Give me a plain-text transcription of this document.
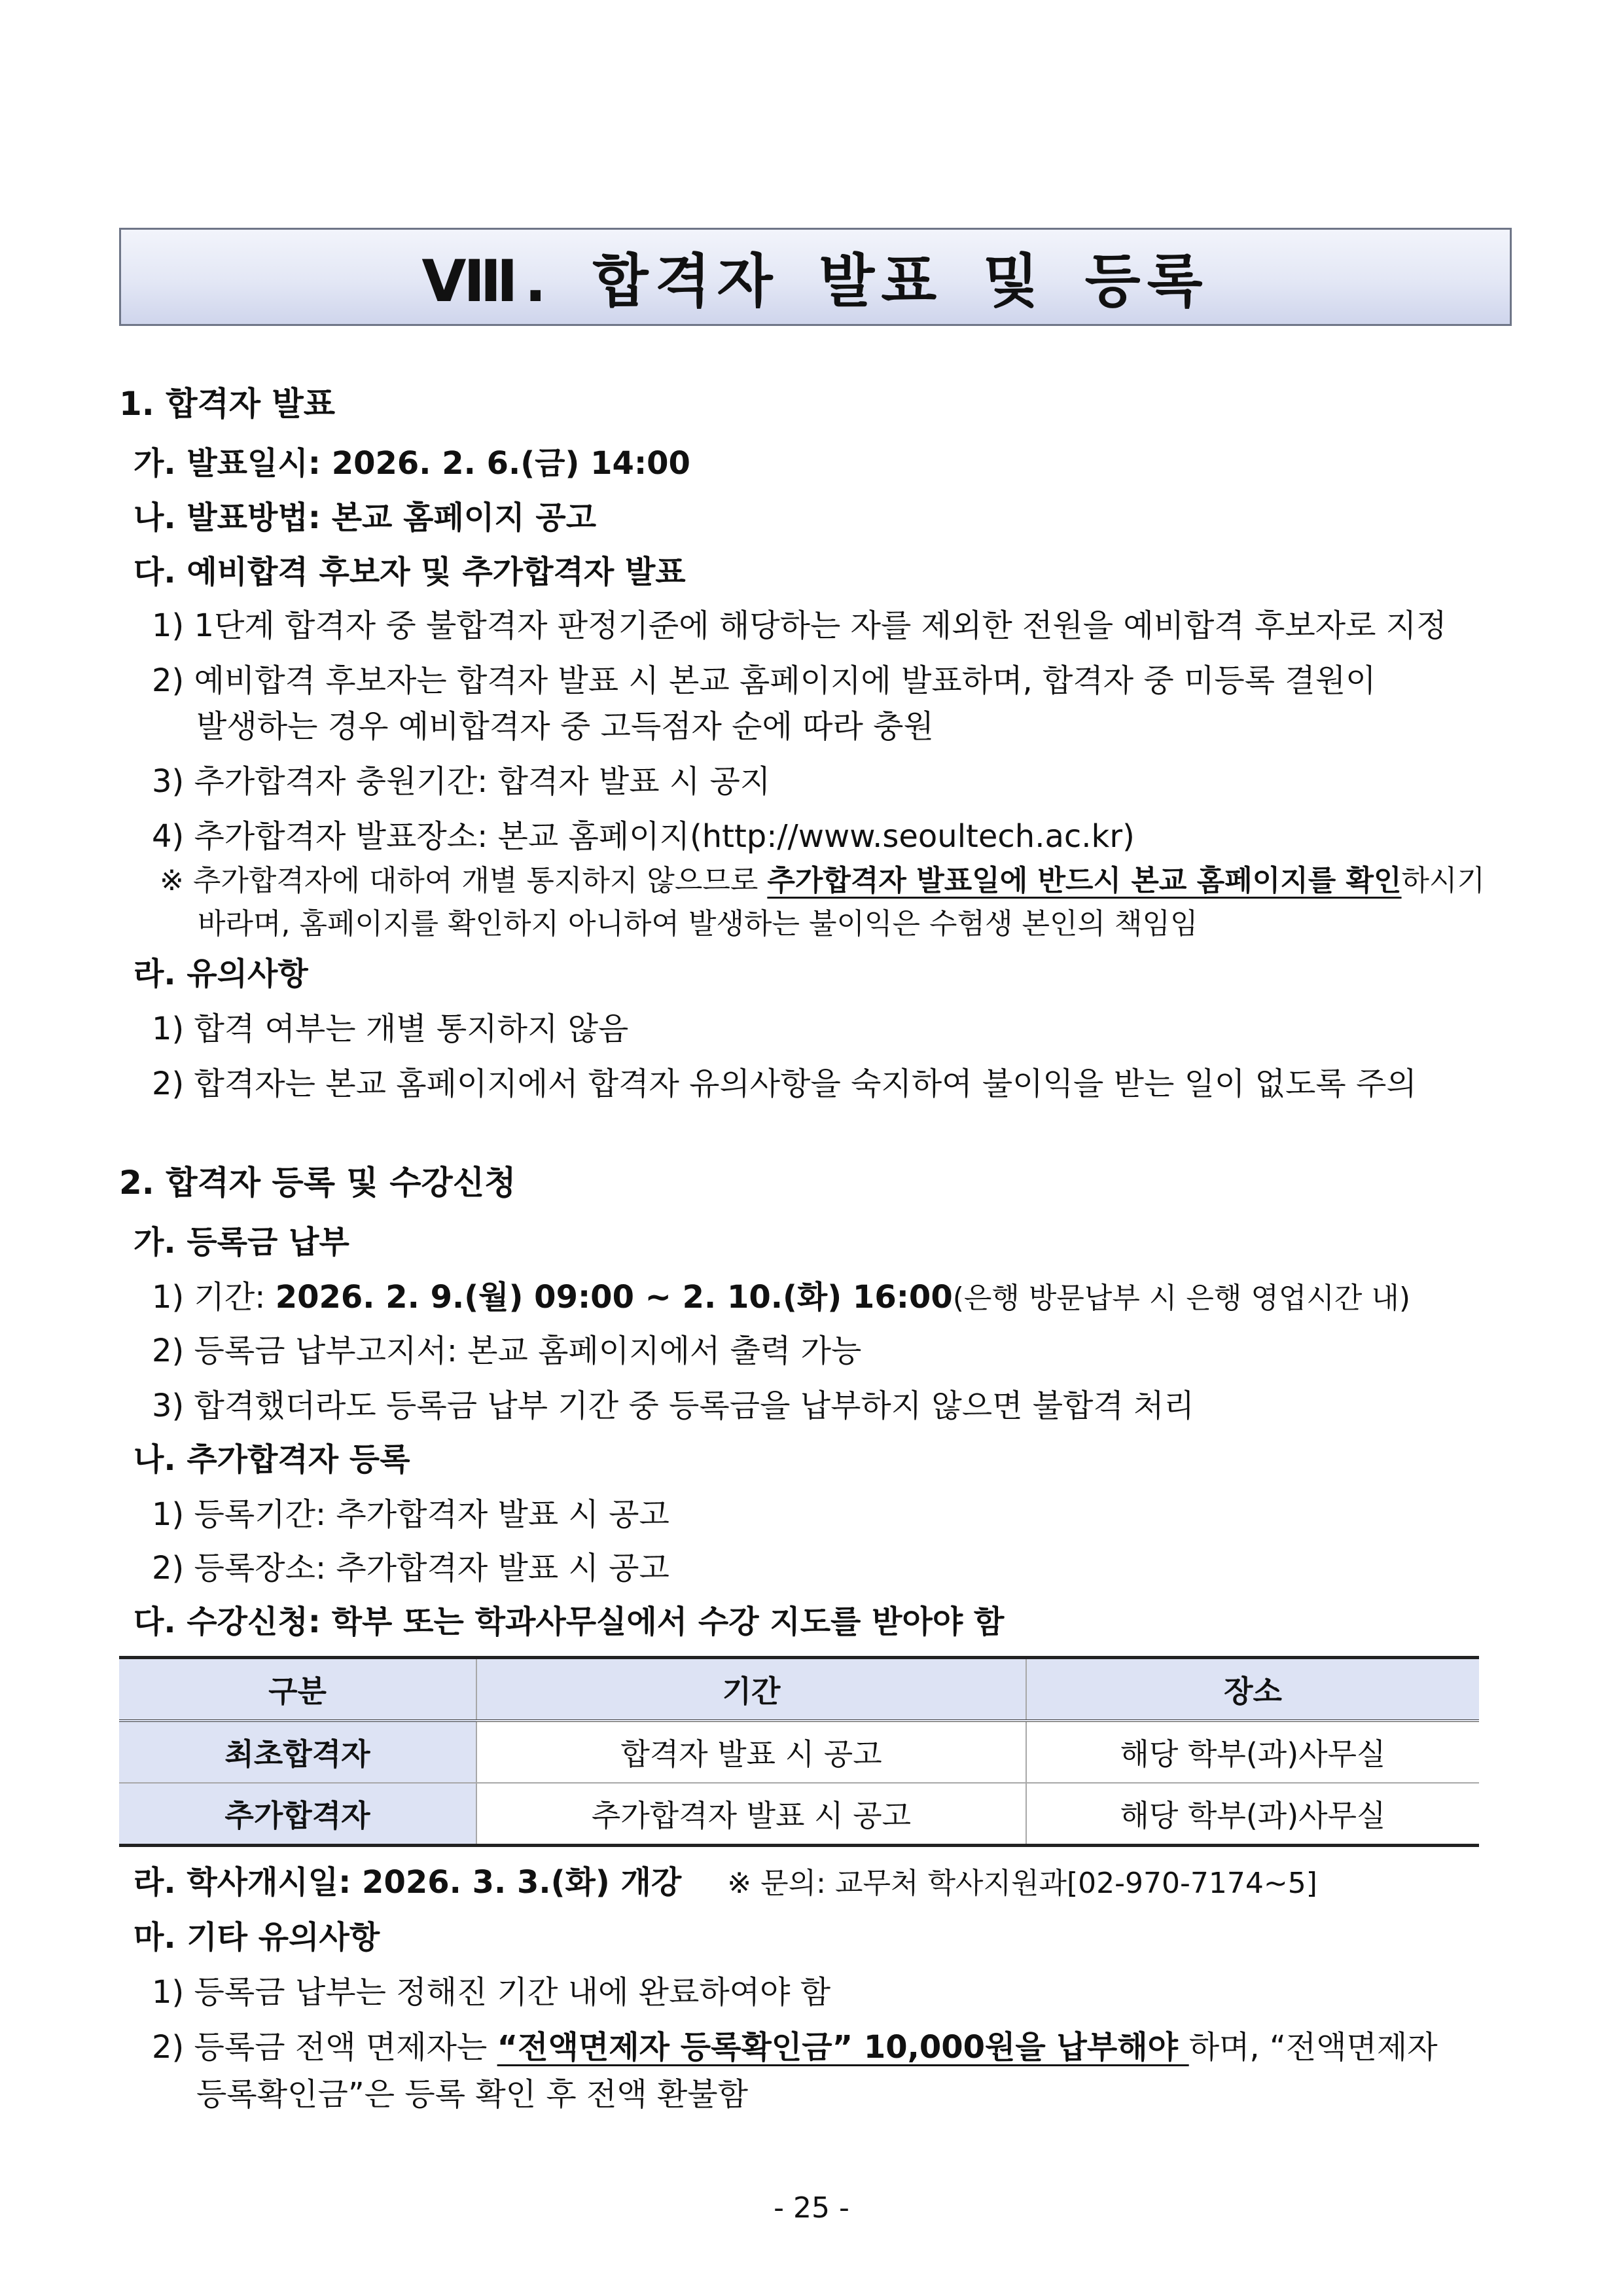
Ⅷ. 합격자 발표 및 등록
1. 합격자 발표
가. 발표일시: 2026. 2. 6.(금) 14:00
나. 발표방법: 본교 홈페이지 공고
다. 예비합격 후보자 및 추가합격자 발표
1) 1단계 합격자 중 불합격자 판정기준에 해당하는 자를 제외한 전원을 예비합격 후보자로 지정
2) 예비합격 후보자는 합격자 발표 시 본교 홈페이지에 발표하며, 합격자 중 미등록 결원이
발생하는 경우 예비합격자 중 고득점자 순에 따라 충원
3) 추가합격자 충원기간: 합격자 발표 시 공지
4) 추가합격자 발표장소: 본교 홈페이지(http://www.seoultech.ac.kr)
※ 추가합격자에 대하여 개별 통지하지 않으므로 추가합격자 발표일에 반드시 본교 홈페이지를 확인하시기
바라며, 홈페이지를 확인하지 아니하여 발생하는 불이익은 수험생 본인의 책임임
라. 유의사항
1) 합격 여부는 개별 통지하지 않음
2) 합격자는 본교 홈페이지에서 합격자 유의사항을 숙지하여 불이익을 받는 일이 없도록 주의
2. 합격자 등록 및 수강신청
가. 등록금 납부
1) 기간: 2026. 2. 9.(월) 09:00 ~ 2. 10.(화) 16:00(은행 방문납부 시 은행 영업시간 내)
2) 등록금 납부고지서: 본교 홈페이지에서 출력 가능
3) 합격했더라도 등록금 납부 기간 중 등록금을 납부하지 않으면 불합격 처리
나. 추가합격자 등록
1) 등록기간: 추가합격자 발표 시 공고
2) 등록장소: 추가합격자 발표 시 공고
다. 수강신청: 학부 또는 학과사무실에서 수강 지도를 받아야 함
구분	기간	장소
최초합격자	합격자 발표 시 공고	해당 학부(과)사무실
추가합격자	추가합격자 발표 시 공고	해당 학부(과)사무실
라. 학사개시일: 2026. 3. 3.(화) 개강 ※ 문의: 교무처 학사지원과[02-970-7174~5]
마. 기타 유의사항
1) 등록금 납부는 정해진 기간 내에 완료하여야 함
2) 등록금 전액 면제자는 “전액면제자 등록확인금” 10,000원을 납부해야 하며, “전액면제자
등록확인금”은 등록 확인 후 전액 환불함
- 25 -
